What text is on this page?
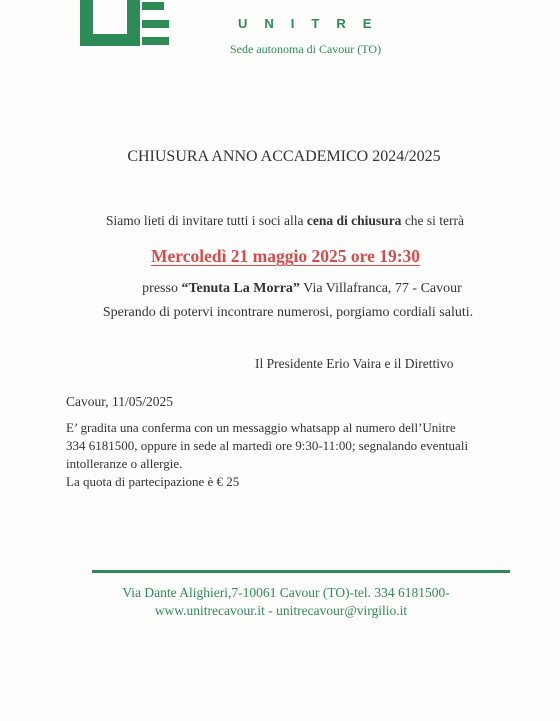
UNITRE
Sede autonoma di Cavour (TO)
CHIUSURA ANNO ACCADEMICO 2024/2025
Siamo lieti di invitare tutti i soci alla cena di chiusura che si terrà
Mercoledì 21 maggio 2025 ore 19:30
presso “Tenuta La Morra” Via Villafranca, 77 - Cavour
Sperando di potervi incontrare numerosi, porgiamo cordiali saluti.
Il Presidente Erio Vaira e il Direttivo
Cavour, 11/05/2025
E’ gradita una conferma con un messaggio whatsapp al numero dell’Unitre
334 6181500, oppure in sede al martedì ore 9:30-11:00; segnalando eventuali
intolleranze o allergie.
La quota di partecipazione è € 25
Via Dante Alighieri,7-10061 Cavour (TO)-tel. 334 6181500-
www.unitrecavour.it - unitrecavour@virgilio.it
